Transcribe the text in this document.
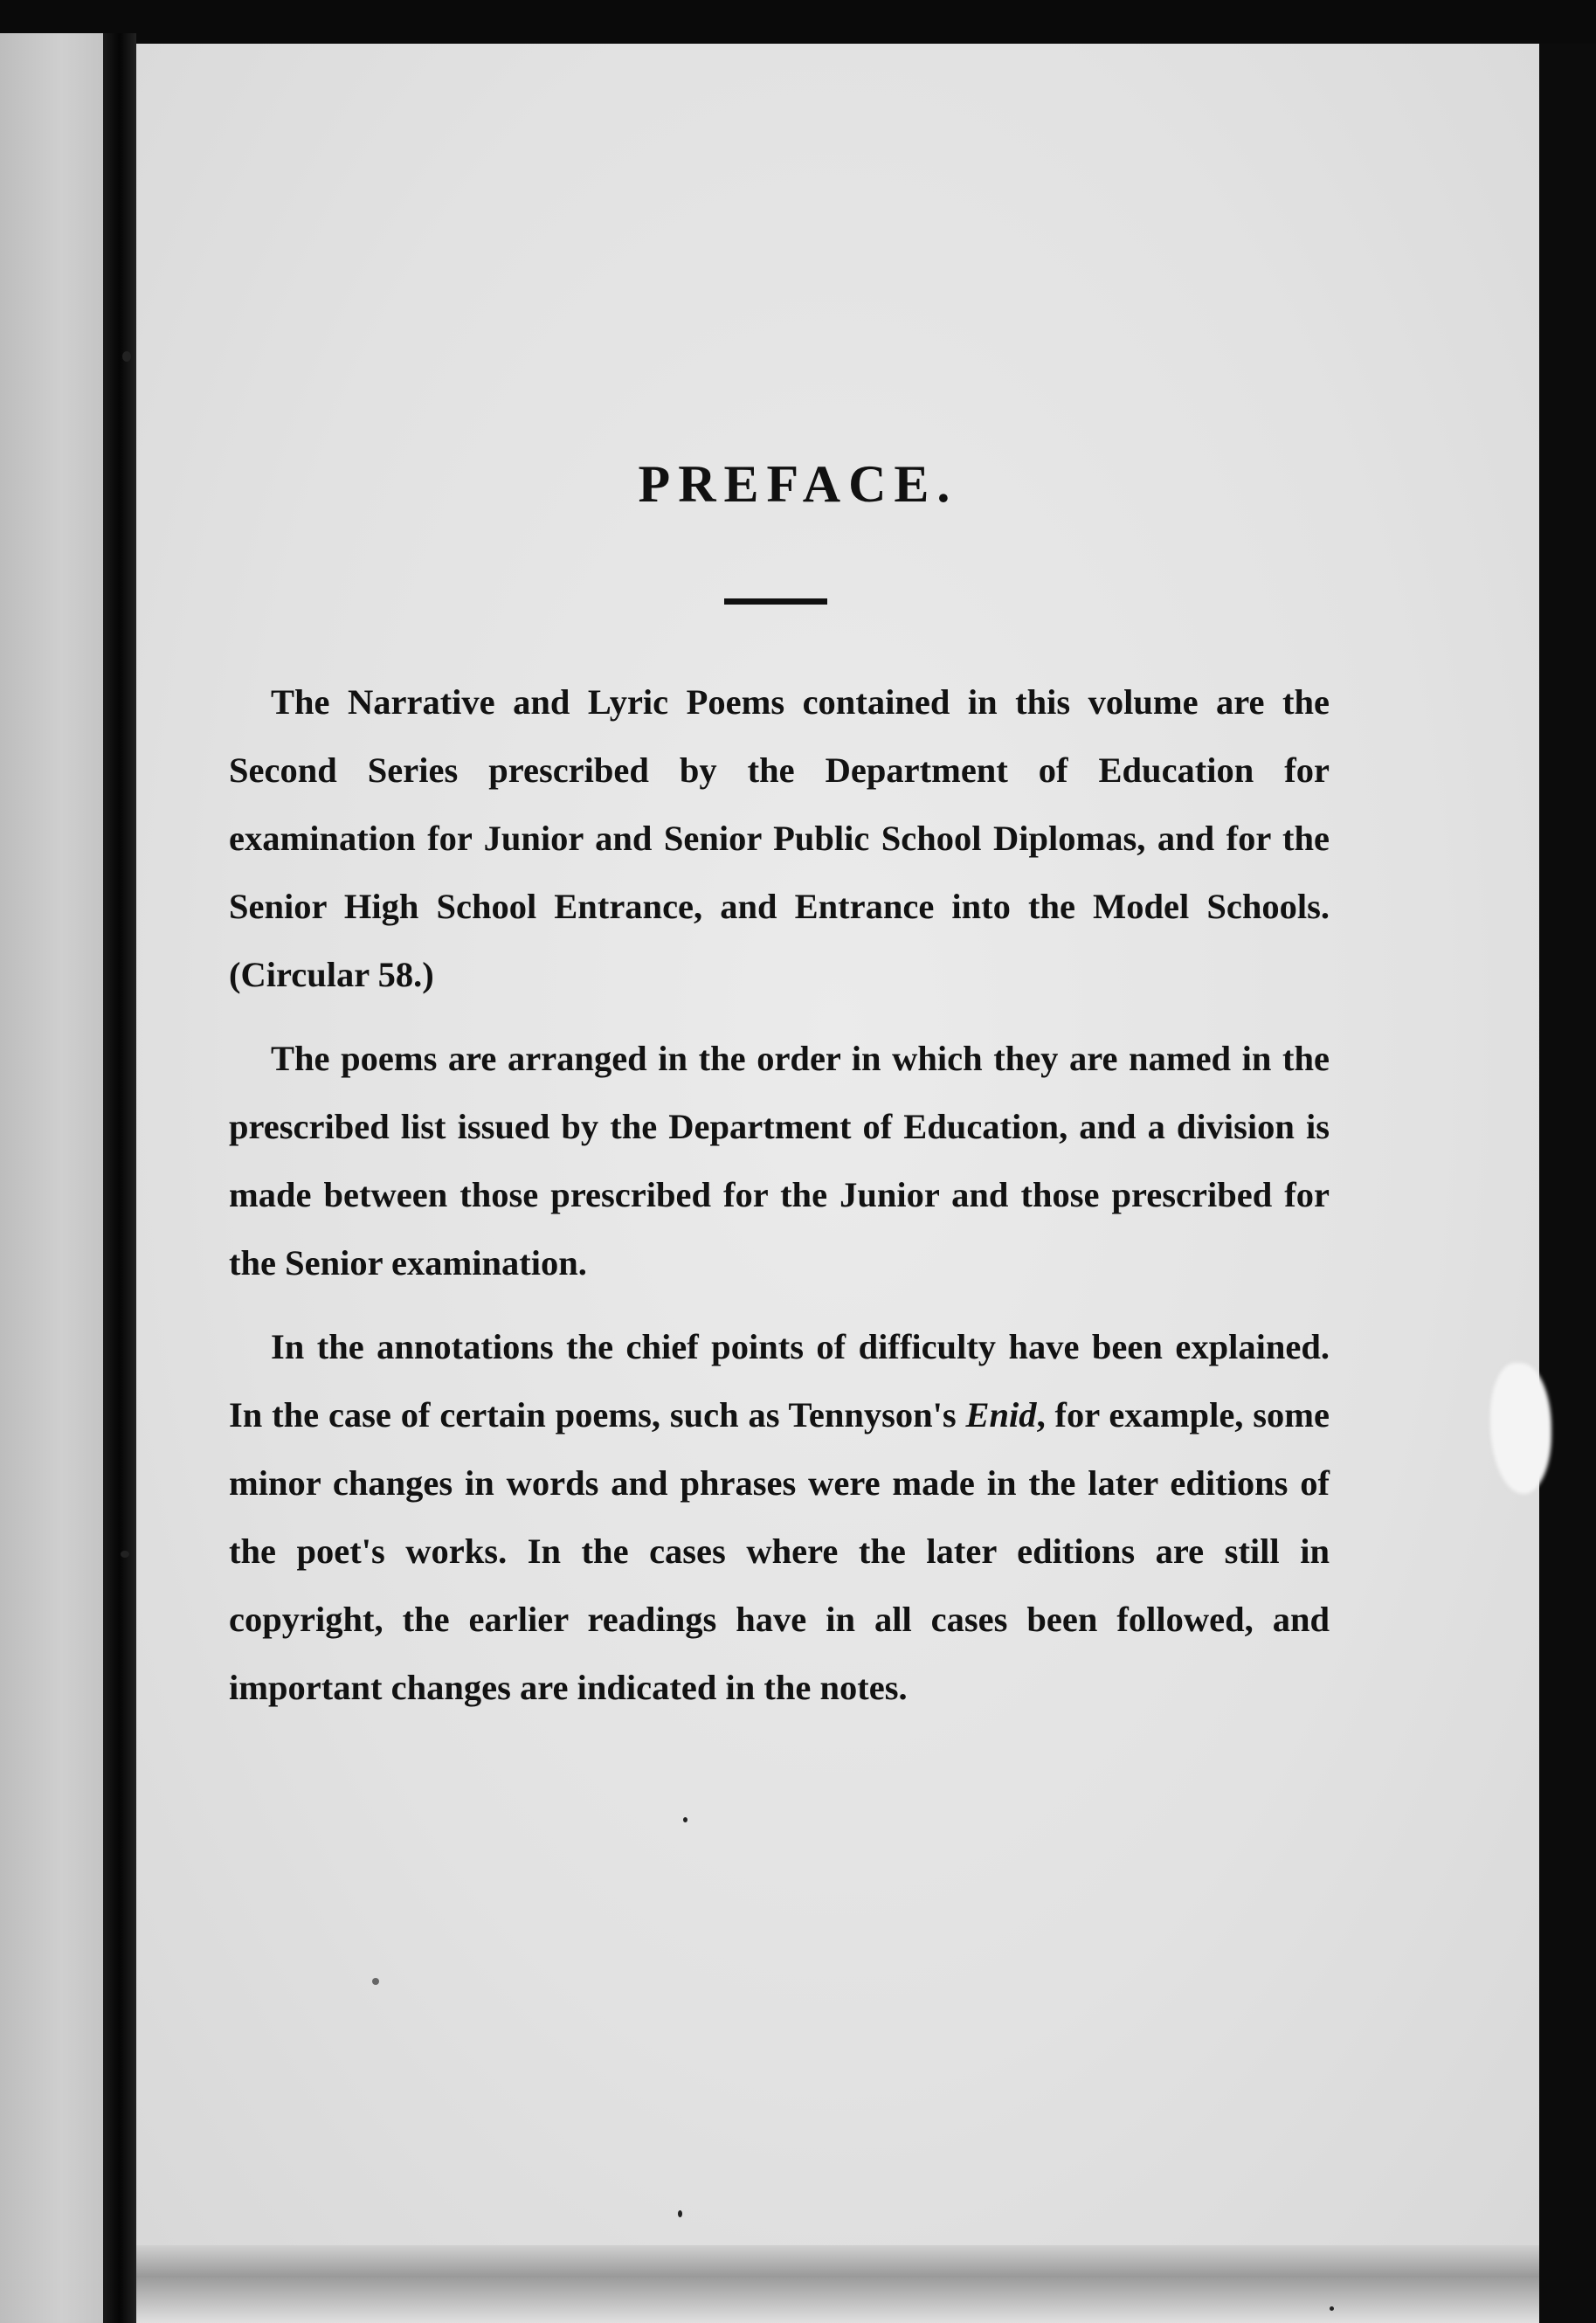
PREFACE.

The Narrative and Lyric Poems contained in this volume are the Second Series prescribed by the Department of Education for examination for Junior and Senior Public School Diplomas, and for the Senior High School Entrance, and Entrance into the Model Schools. (Circular 58.)

The poems are arranged in the order in which they are named in the prescribed list issued by the Department of Education, and a division is made between those prescribed for the Junior and those prescribed for the Senior examination.

In the annotations the chief points of difficulty have been explained. In the case of certain poems, such as Tennyson's Enid, for example, some minor changes in words and phrases were made in the later editions of the poet's works. In the cases where the later editions are still in copyright, the earlier readings have in all cases been followed, and important changes are indicated in the notes.
